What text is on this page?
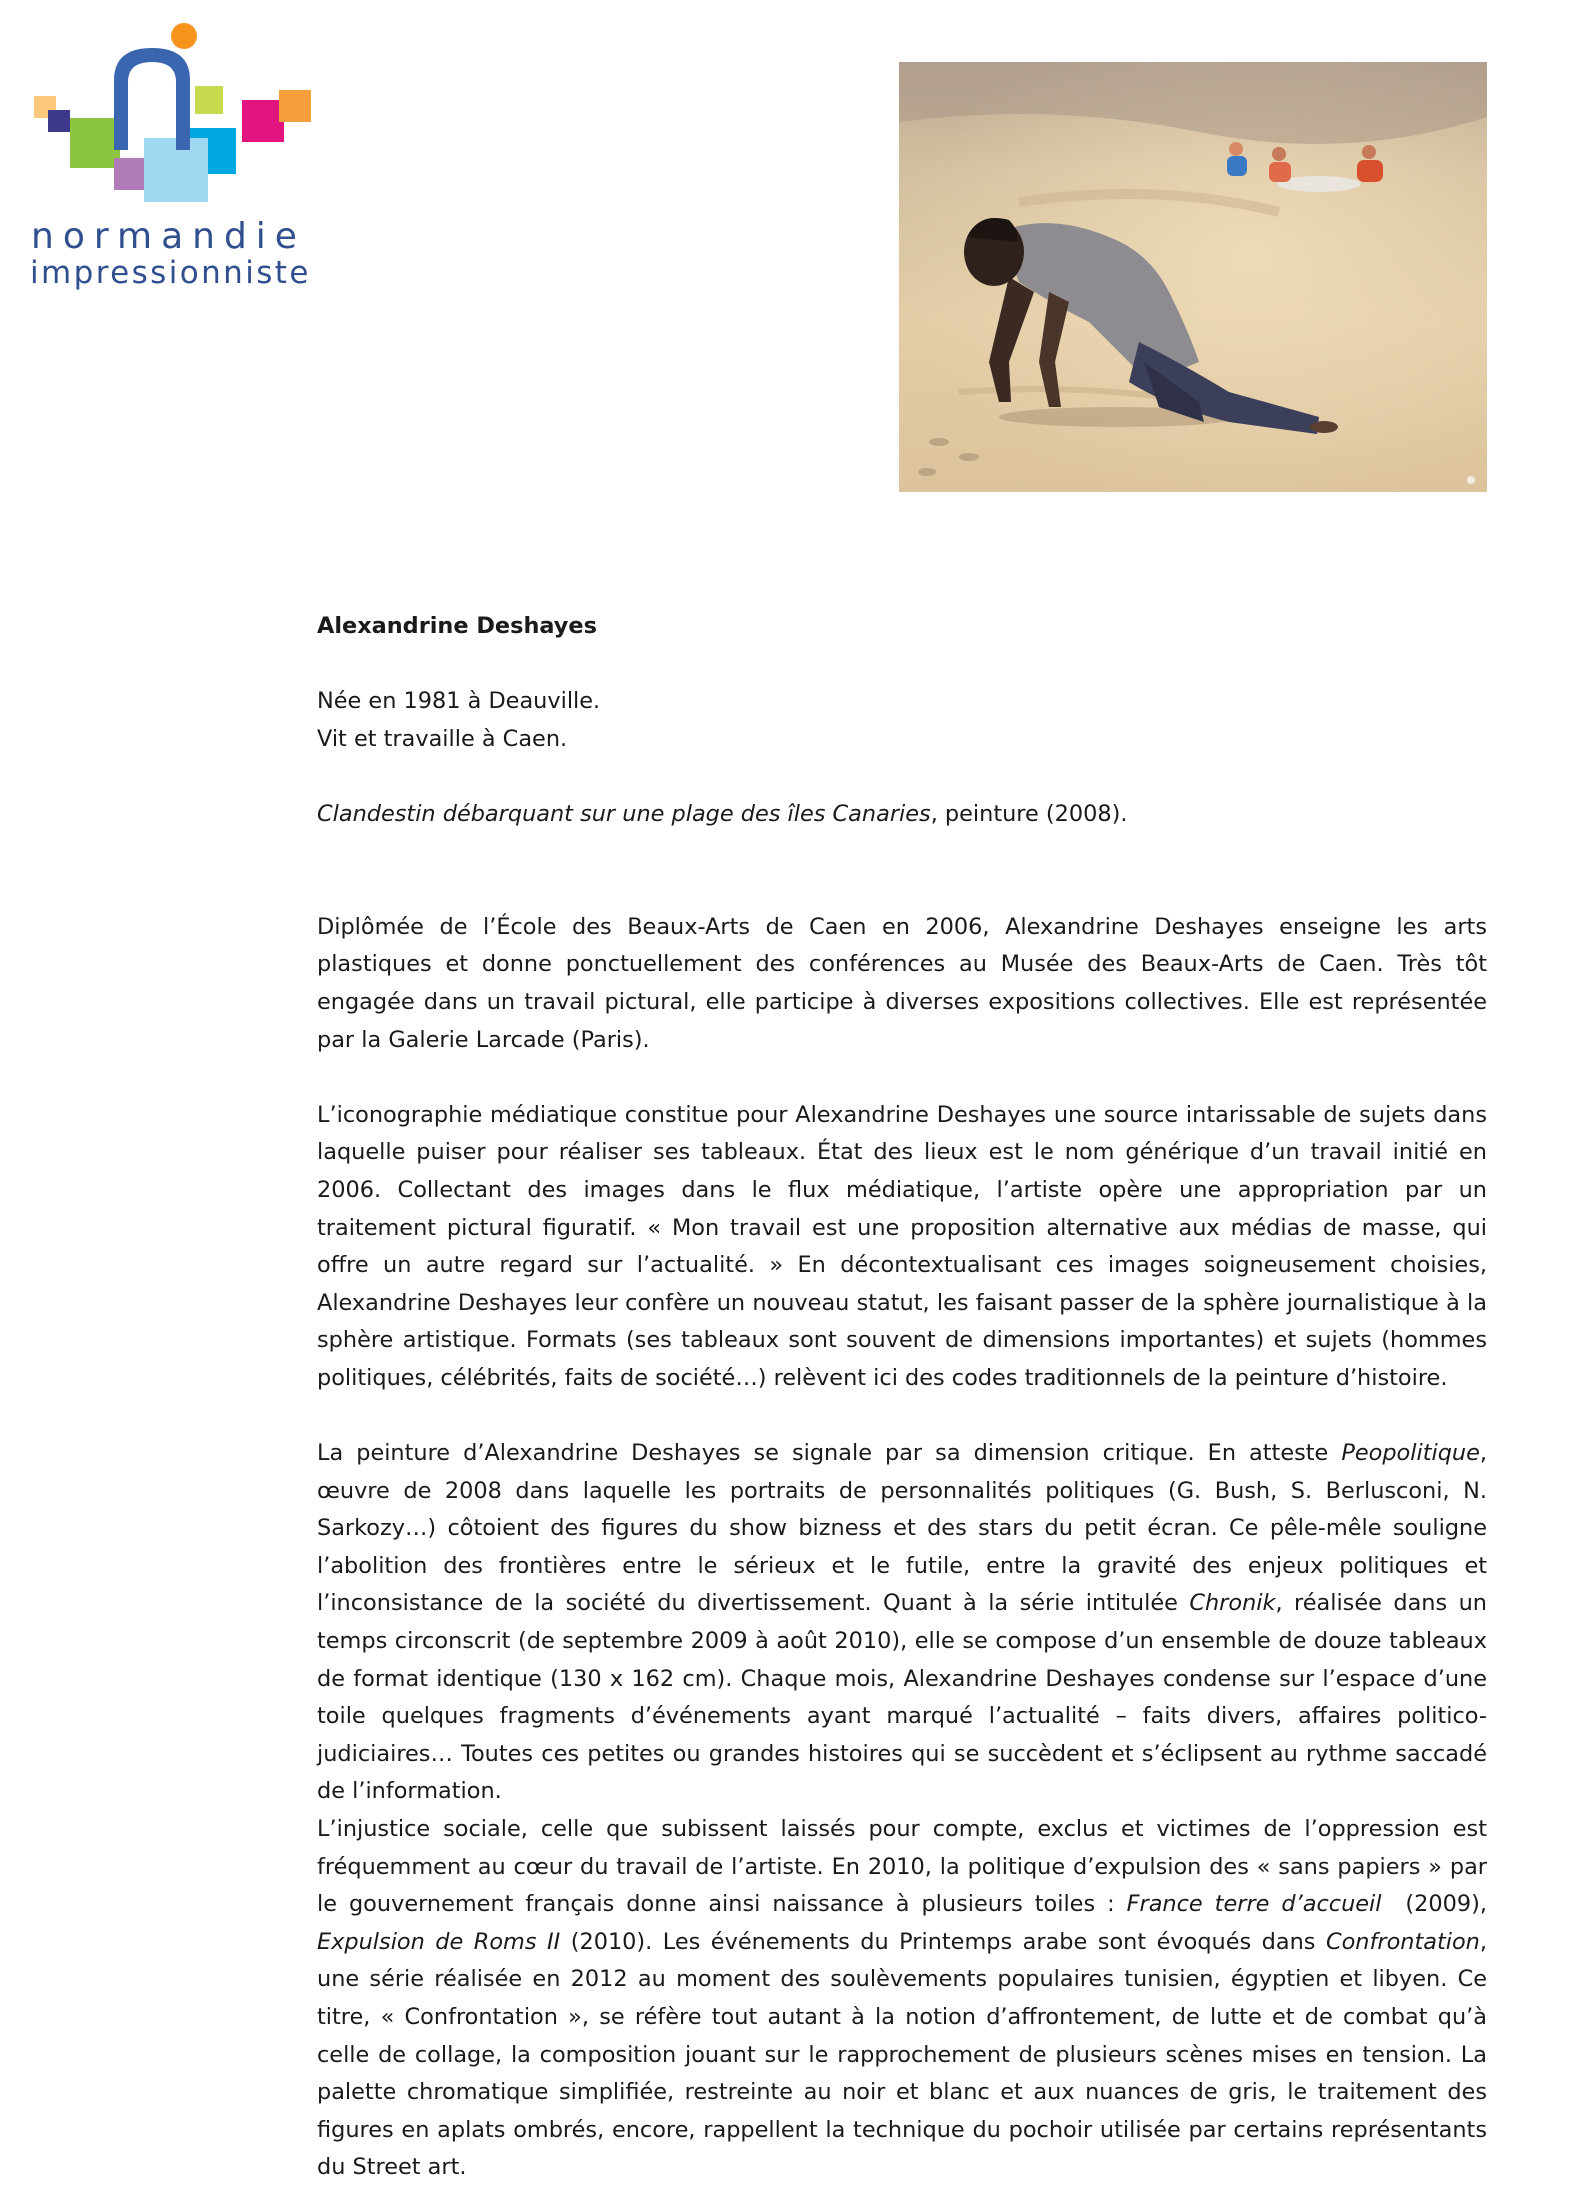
normandie

impressionniste

Alexandrine Deshayes

Née en 1981 à Deauville.

Vit et travaille à Caen.

Clandestin débarquant sur une plage des îles Canaries, peinture (2008).

Diplômée de l’École des Beaux-Arts de Caen en 2006, Alexandrine Deshayes enseigne les arts plastiques et donne ponctuellement des conférences au Musée des Beaux-Arts de Caen. Très tôt engagée dans un travail pictural, elle participe à diverses expositions collectives. Elle est représentée par la Galerie Larcade (Paris).

L’iconographie médiatique constitue pour Alexandrine Deshayes une source intarissable de sujets dans laquelle puiser pour réaliser ses tableaux. État des lieux est le nom générique d’un travail initié en 2006. Collectant des images dans le flux médiatique, l’artiste opère une appropriation par un traitement pictural figuratif. « Mon travail est une proposition alternative aux médias de masse, qui offre un autre regard sur l’actualité. » En décontextualisant ces images soigneusement choisies, Alexandrine Deshayes leur confère un nouveau statut, les faisant passer de la sphère journalistique à la sphère artistique. Formats (ses tableaux sont souvent de dimensions importantes) et sujets (hommes politiques, célébrités, faits de société…) relèvent ici des codes traditionnels de la peinture d’histoire.

La peinture d’Alexandrine Deshayes se signale par sa dimension critique. En atteste Peopolitique, œuvre de 2008 dans laquelle les portraits de personnalités politiques (G. Bush, S. Berlusconi, N. Sarkozy…) côtoient des figures du show bizness et des stars du petit écran. Ce pêle-mêle souligne l’abolition des frontières entre le sérieux et le futile, entre la gravité des enjeux politiques et l’inconsistance de la société du divertissement. Quant à la série intitulée Chronik, réalisée dans un temps circonscrit (de septembre 2009 à août 2010), elle se compose d’un ensemble de douze tableaux de format identique (130 x 162 cm). Chaque mois, Alexandrine Deshayes condense sur l’espace d’une toile quelques fragments d’événements ayant marqué l’actualité – faits divers, affaires politico-judiciaires… Toutes ces petites ou grandes histoires qui se succèdent et s’éclipsent au rythme saccadé de l’information.

L’injustice sociale, celle que subissent laissés pour compte, exclus et victimes de l’oppression est fréquemment au cœur du travail de l’artiste. En 2010, la politique d’expulsion des « sans papiers » par le gouvernement français donne ainsi naissance à plusieurs toiles : France terre d’accueil  (2009), Expulsion de Roms II (2010). Les événements du Printemps arabe sont évoqués dans Confrontation, une série réalisée en 2012 au moment des soulèvements populaires tunisien, égyptien et libyen. Ce titre, « Confrontation », se réfère tout autant à la notion d’affrontement, de lutte et de combat qu’à celle de collage, la composition jouant sur le rapprochement de plusieurs scènes mises en tension. La palette chromatique simplifiée, restreinte au noir et blanc et aux nuances de gris, le traitement des figures en aplats ombrés, encore, rappellent la technique du pochoir utilisée par certains représentants du Street art.
